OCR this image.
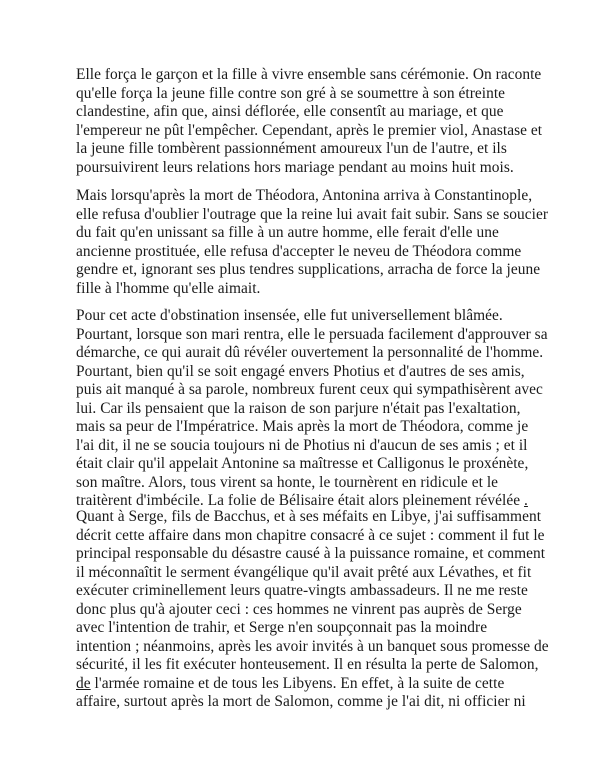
Elle força le garçon et la fille à vivre ensemble sans cérémonie. On raconte
qu'elle força la jeune fille contre son gré à se soumettre à son étreinte
clandestine, afin que, ainsi déflorée, elle consentît au mariage, et que
l'empereur ne pût l'empêcher. Cependant, après le premier viol, Anastase et
la jeune fille tombèrent passionnément amoureux l'un de l'autre, et ils
poursuivirent leurs relations hors mariage pendant au moins huit mois.
Mais lorsqu'après la mort de Théodora, Antonina arriva à Constantinople,
elle refusa d'oublier l'outrage que la reine lui avait fait subir. Sans se soucier
du fait qu'en unissant sa fille à un autre homme, elle ferait d'elle une
ancienne prostituée, elle refusa d'accepter le neveu de Théodora comme
gendre et, ignorant ses plus tendres supplications, arracha de force la jeune
fille à l'homme qu'elle aimait.
Pour cet acte d'obstination insensée, elle fut universellement blâmée.
Pourtant, lorsque son mari rentra, elle le persuada facilement d'approuver sa
démarche, ce qui aurait dû révéler ouvertement la personnalité de l'homme.
Pourtant, bien qu'il se soit engagé envers Photius et d'autres de ses amis,
puis ait manqué à sa parole, nombreux furent ceux qui sympathisèrent avec
lui. Car ils pensaient que la raison de son parjure n'était pas l'exaltation,
mais sa peur de l'Impératrice. Mais après la mort de Théodora, comme je
l'ai dit, il ne se soucia toujours ni de Photius ni d'aucun de ses amis ; et il
était clair qu'il appelait Antonine sa maîtresse et Calligonus le proxénète,
son maître. Alors, tous virent sa honte, le tournèrent en ridicule et le
traitèrent d'imbécile. La folie de Bélisaire était alors pleinement révélée .
Quant à Serge, fils de Bacchus, et à ses méfaits en Libye, j'ai suffisamment
décrit cette affaire dans mon chapitre consacré à ce sujet : comment il fut le
principal responsable du désastre causé à la puissance romaine, et comment
il méconnaîtit le serment évangélique qu'il avait prêté aux Lévathes, et fit
exécuter criminellement leurs quatre-vingts ambassadeurs. Il ne me reste
donc plus qu'à ajouter ceci : ces hommes ne vinrent pas auprès de Serge
avec l'intention de trahir, et Serge n'en soupçonnait pas la moindre
intention ; néanmoins, après les avoir invités à un banquet sous promesse de
sécurité, il les fit exécuter honteusement. Il en résulta la perte de Salomon,
de l'armée romaine et de tous les Libyens. En effet, à la suite de cette
affaire, surtout après la mort de Salomon, comme je l'ai dit, ni officier ni
